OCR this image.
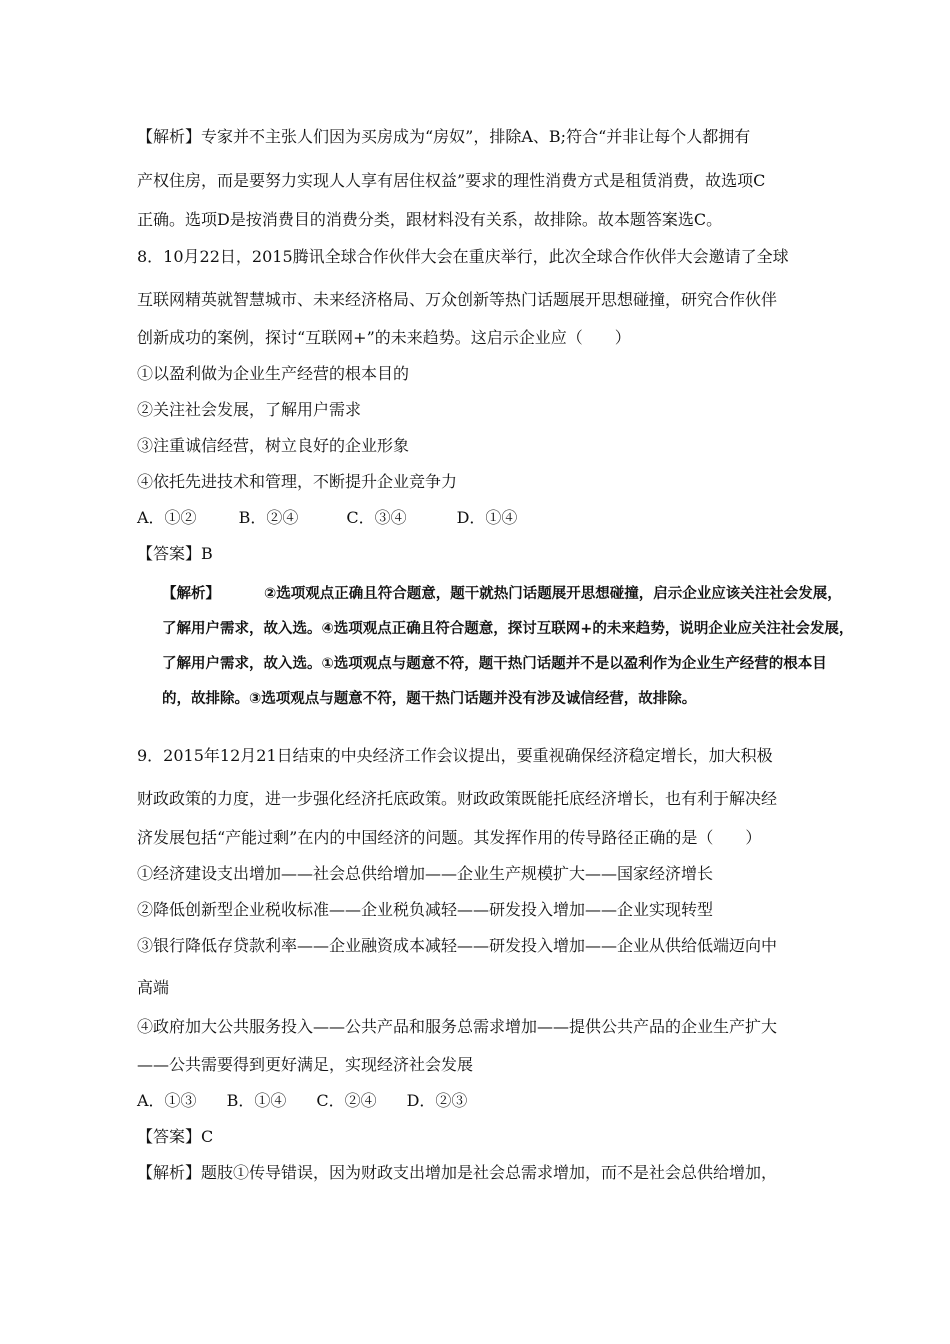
【解析】专家并不主张人们因为买房成为“房奴”，排除A、B;符合“并非让每个人都拥有
产权住房，而是要努力实现人人享有居住权益”要求的理性消费方式是租赁消费，故选项C
正确。选项D是按消费目的消费分类，跟材料没有关系，故排除。故本题答案选C。
8．10月22日，2015腾讯全球合作伙伴大会在重庆举行，此次全球合作伙伴大会邀请了全球
互联网精英就智慧城市、未来经济格局、万众创新等热门话题展开思想碰撞，研究合作伙伴
创新成功的案例，探讨“互联网+”的未来趋势。这启示企业应（　　）
①以盈利做为企业生产经营的根本目的
②关注社会发展，了解用户需求
③注重诚信经营，树立良好的企业形象
④依托先进技术和管理，不断提升企业竞争力
A．①②	B．②④	C．③④	D．①④
【答案】B
【解析】	②选项观点正确且符合题意，题干就热门话题展开思想碰撞，启示企业应该关注社会发展，
了解用户需求，故入选。④选项观点正确且符合题意，探讨互联网+的未来趋势，说明企业应关注社会发展，
了解用户需求，故入选。①选项观点与题意不符，题干热门话题并不是以盈利作为企业生产经营的根本目
的，故排除。③选项观点与题意不符，题干热门话题并没有涉及诚信经营，故排除。
9．2015年12月21日结束的中央经济工作会议提出，要重视确保经济稳定增长，加大积极
财政政策的力度，进一步强化经济托底政策。财政政策既能托底经济增长，也有利于解决经
济发展包括“产能过剩”在内的中国经济的问题。其发挥作用的传导路径正确的是（　　）
①经济建设支出增加——社会总供给增加——企业生产规模扩大——国家经济增长
②降低创新型企业税收标准——企业税负减轻——研发投入增加——企业实现转型
③银行降低存贷款利率——企业融资成本减轻——研发投入增加——企业从供给低端迈向中
高端
④政府加大公共服务投入——公共产品和服务总需求增加——提供公共产品的企业生产扩大
——公共需要得到更好满足，实现经济社会发展
A．①③ B．①④ C．②④ D．②③
【答案】C
【解析】题肢①传导错误，因为财政支出增加是社会总需求增加，而不是社会总供给增加，
